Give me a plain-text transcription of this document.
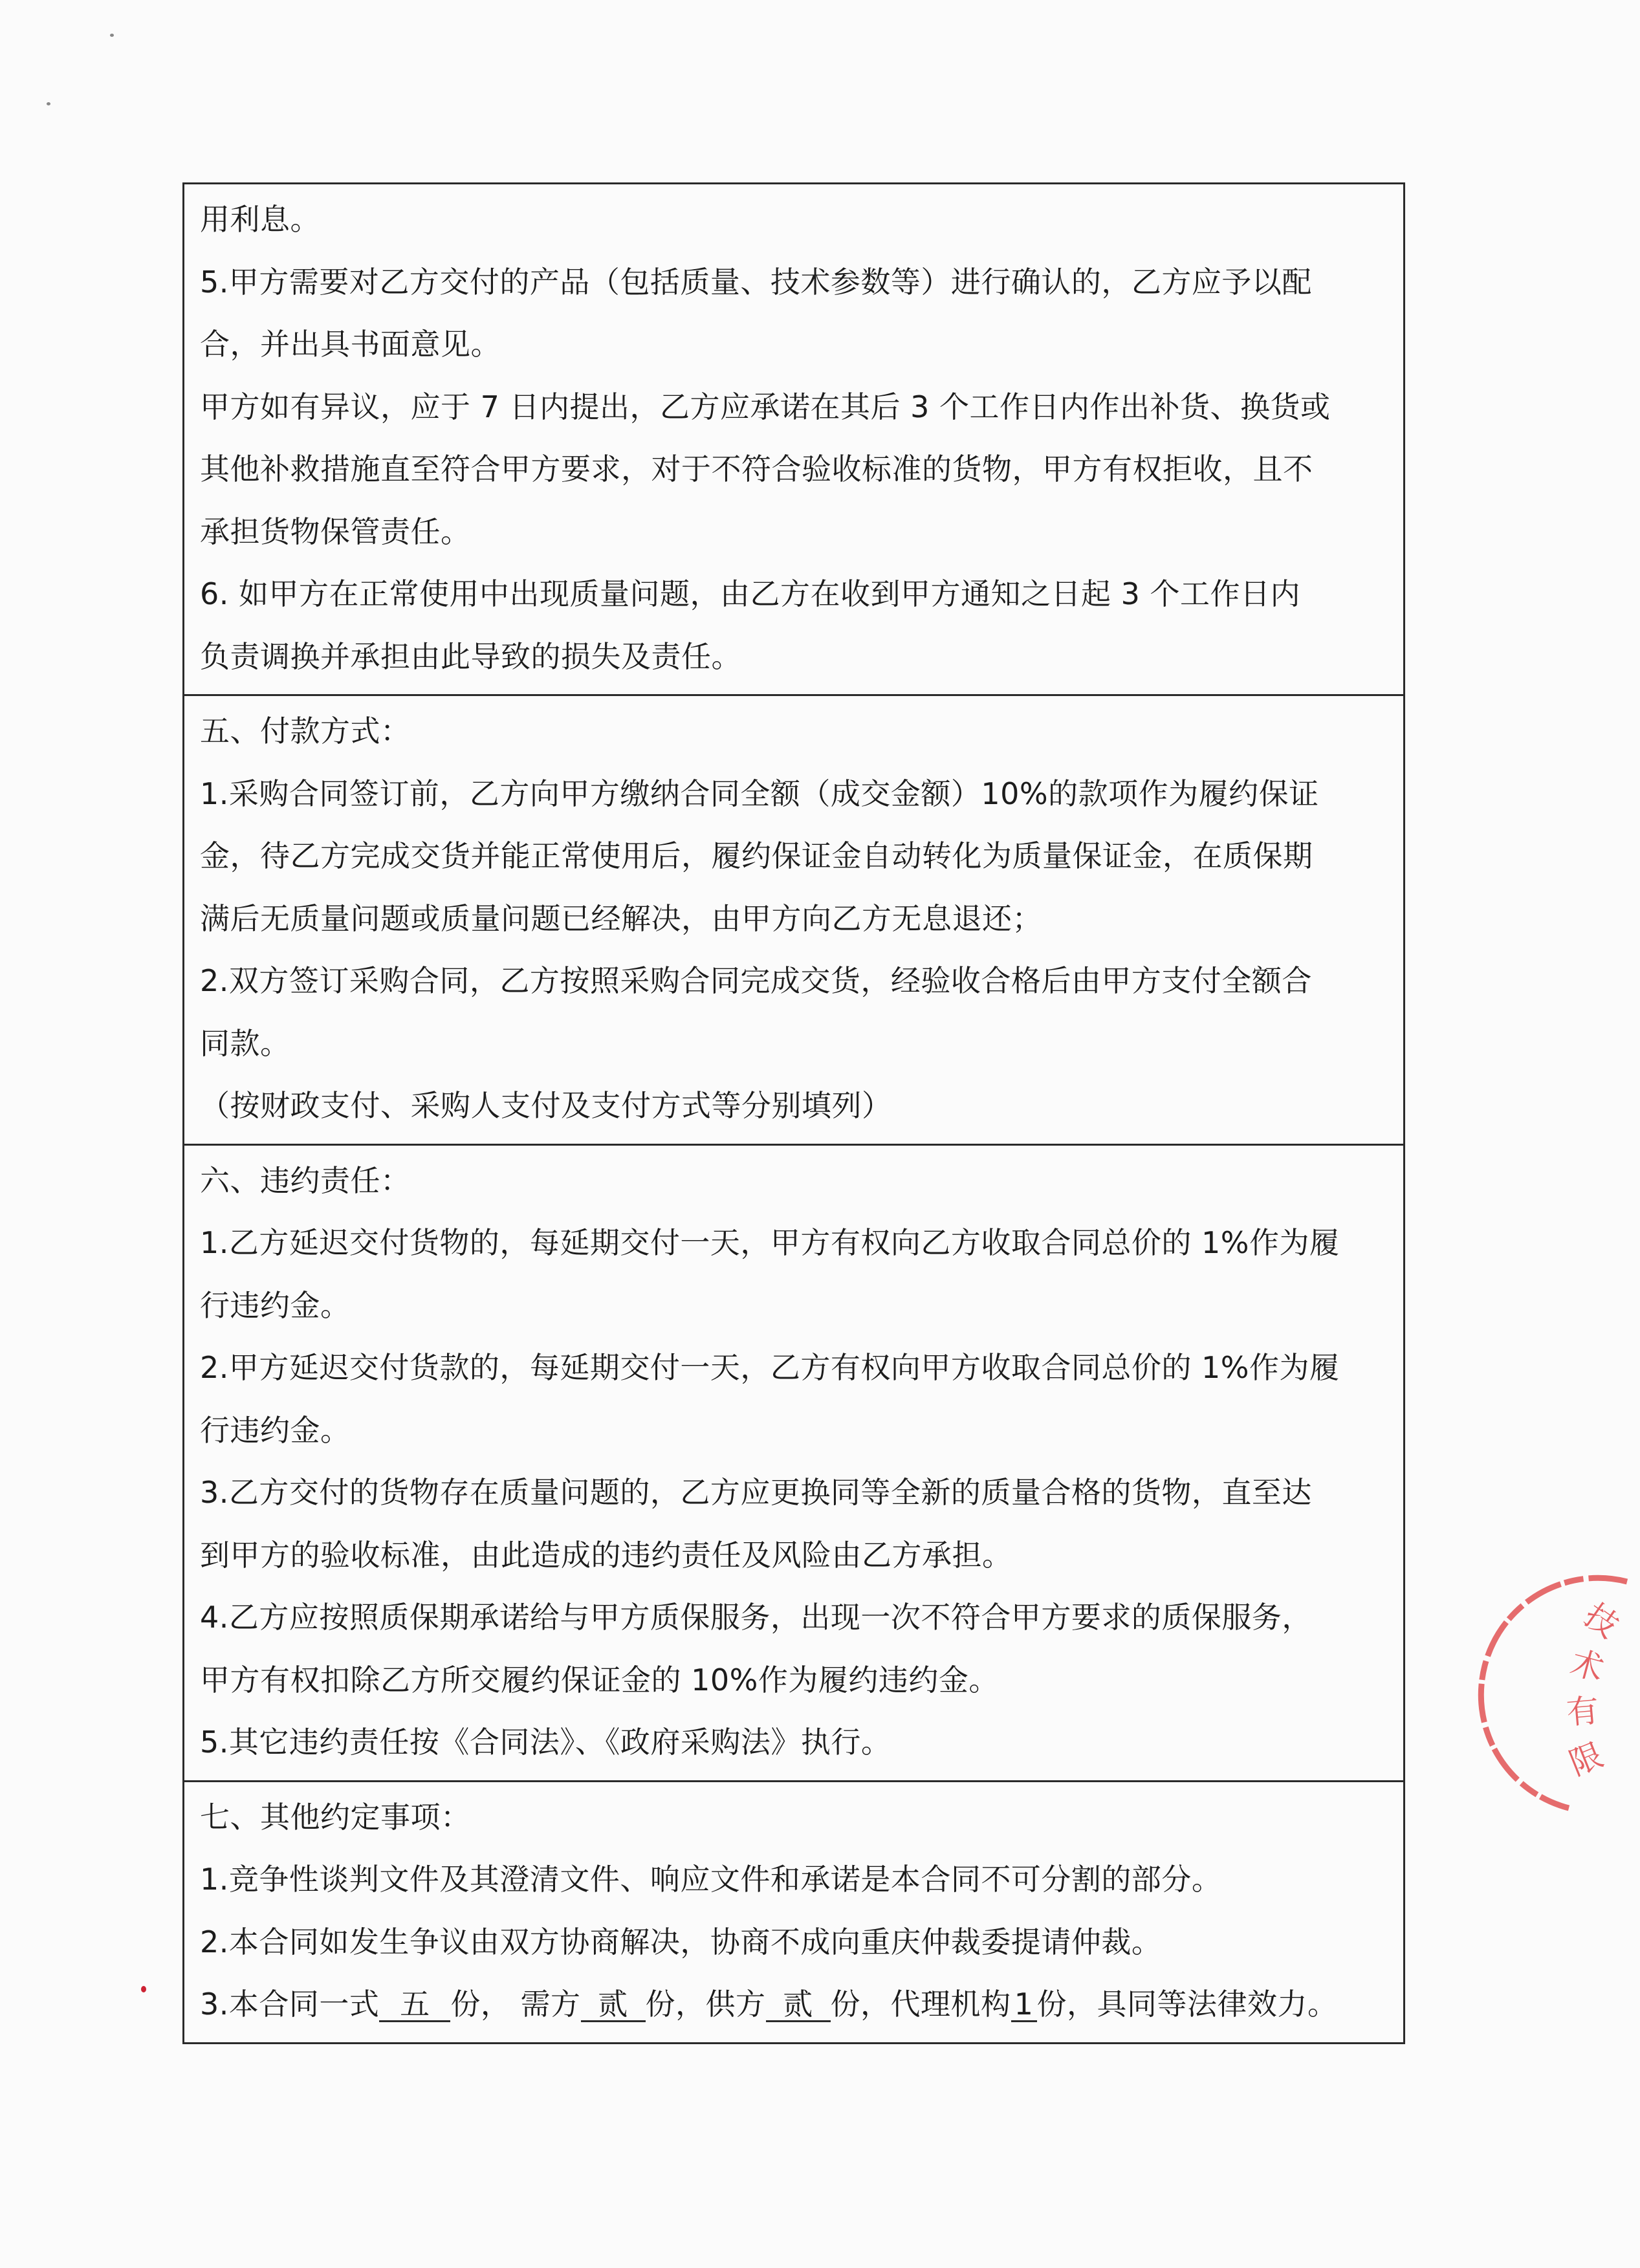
用利息。
5.甲方需要对乙方交付的产品（包括质量、技术参数等）进行确认的，乙方应予以配
合，并出具书面意见。
甲方如有异议，应于 7 日内提出，乙方应承诺在其后 3 个工作日内作出补货、换货或
其他补救措施直至符合甲方要求，对于不符合验收标准的货物，甲方有权拒收，且不
承担货物保管责任。
6. 如甲方在正常使用中出现质量问题，由乙方在收到甲方通知之日起 3 个工作日内
负责调换并承担由此导致的损失及责任。
五、付款方式：
1.采购合同签订前，乙方向甲方缴纳合同全额（成交金额）10%的款项作为履约保证
金，待乙方完成交货并能正常使用后，履约保证金自动转化为质量保证金，在质保期
满后无质量问题或质量问题已经解决，由甲方向乙方无息退还；
2.双方签订采购合同，乙方按照采购合同完成交货，经验收合格后由甲方支付全额合
同款。
（按财政支付、采购人支付及支付方式等分别填列）
六、违约责任：
1.乙方延迟交付货物的，每延期交付一天，甲方有权向乙方收取合同总价的 1%作为履
行违约金。
2.甲方延迟交付货款的，每延期交付一天，乙方有权向甲方收取合同总价的 1%作为履
行违约金。
3.乙方交付的货物存在质量问题的，乙方应更换同等全新的质量合格的货物，直至达
到甲方的验收标准，由此造成的违约责任及风险由乙方承担。
4.乙方应按照质保期承诺给与甲方质保服务，出现一次不符合甲方要求的质保服务，
甲方有权扣除乙方所交履约保证金的 10%作为履约违约金。
5.其它违约责任按《合同法》、《政府采购法》执行。
七、其他约定事项：
1.竞争性谈判文件及其澄清文件、响应文件和承诺是本合同不可分割的部分。
2.本合同如发生争议由双方协商解决，协商不成向重庆仲裁委提请仲裁。
3.本合同一式 五 份， 需方 贰 份，供方 贰 份，代理机构 1 份，具同等法律效力。
技
术
有
限
